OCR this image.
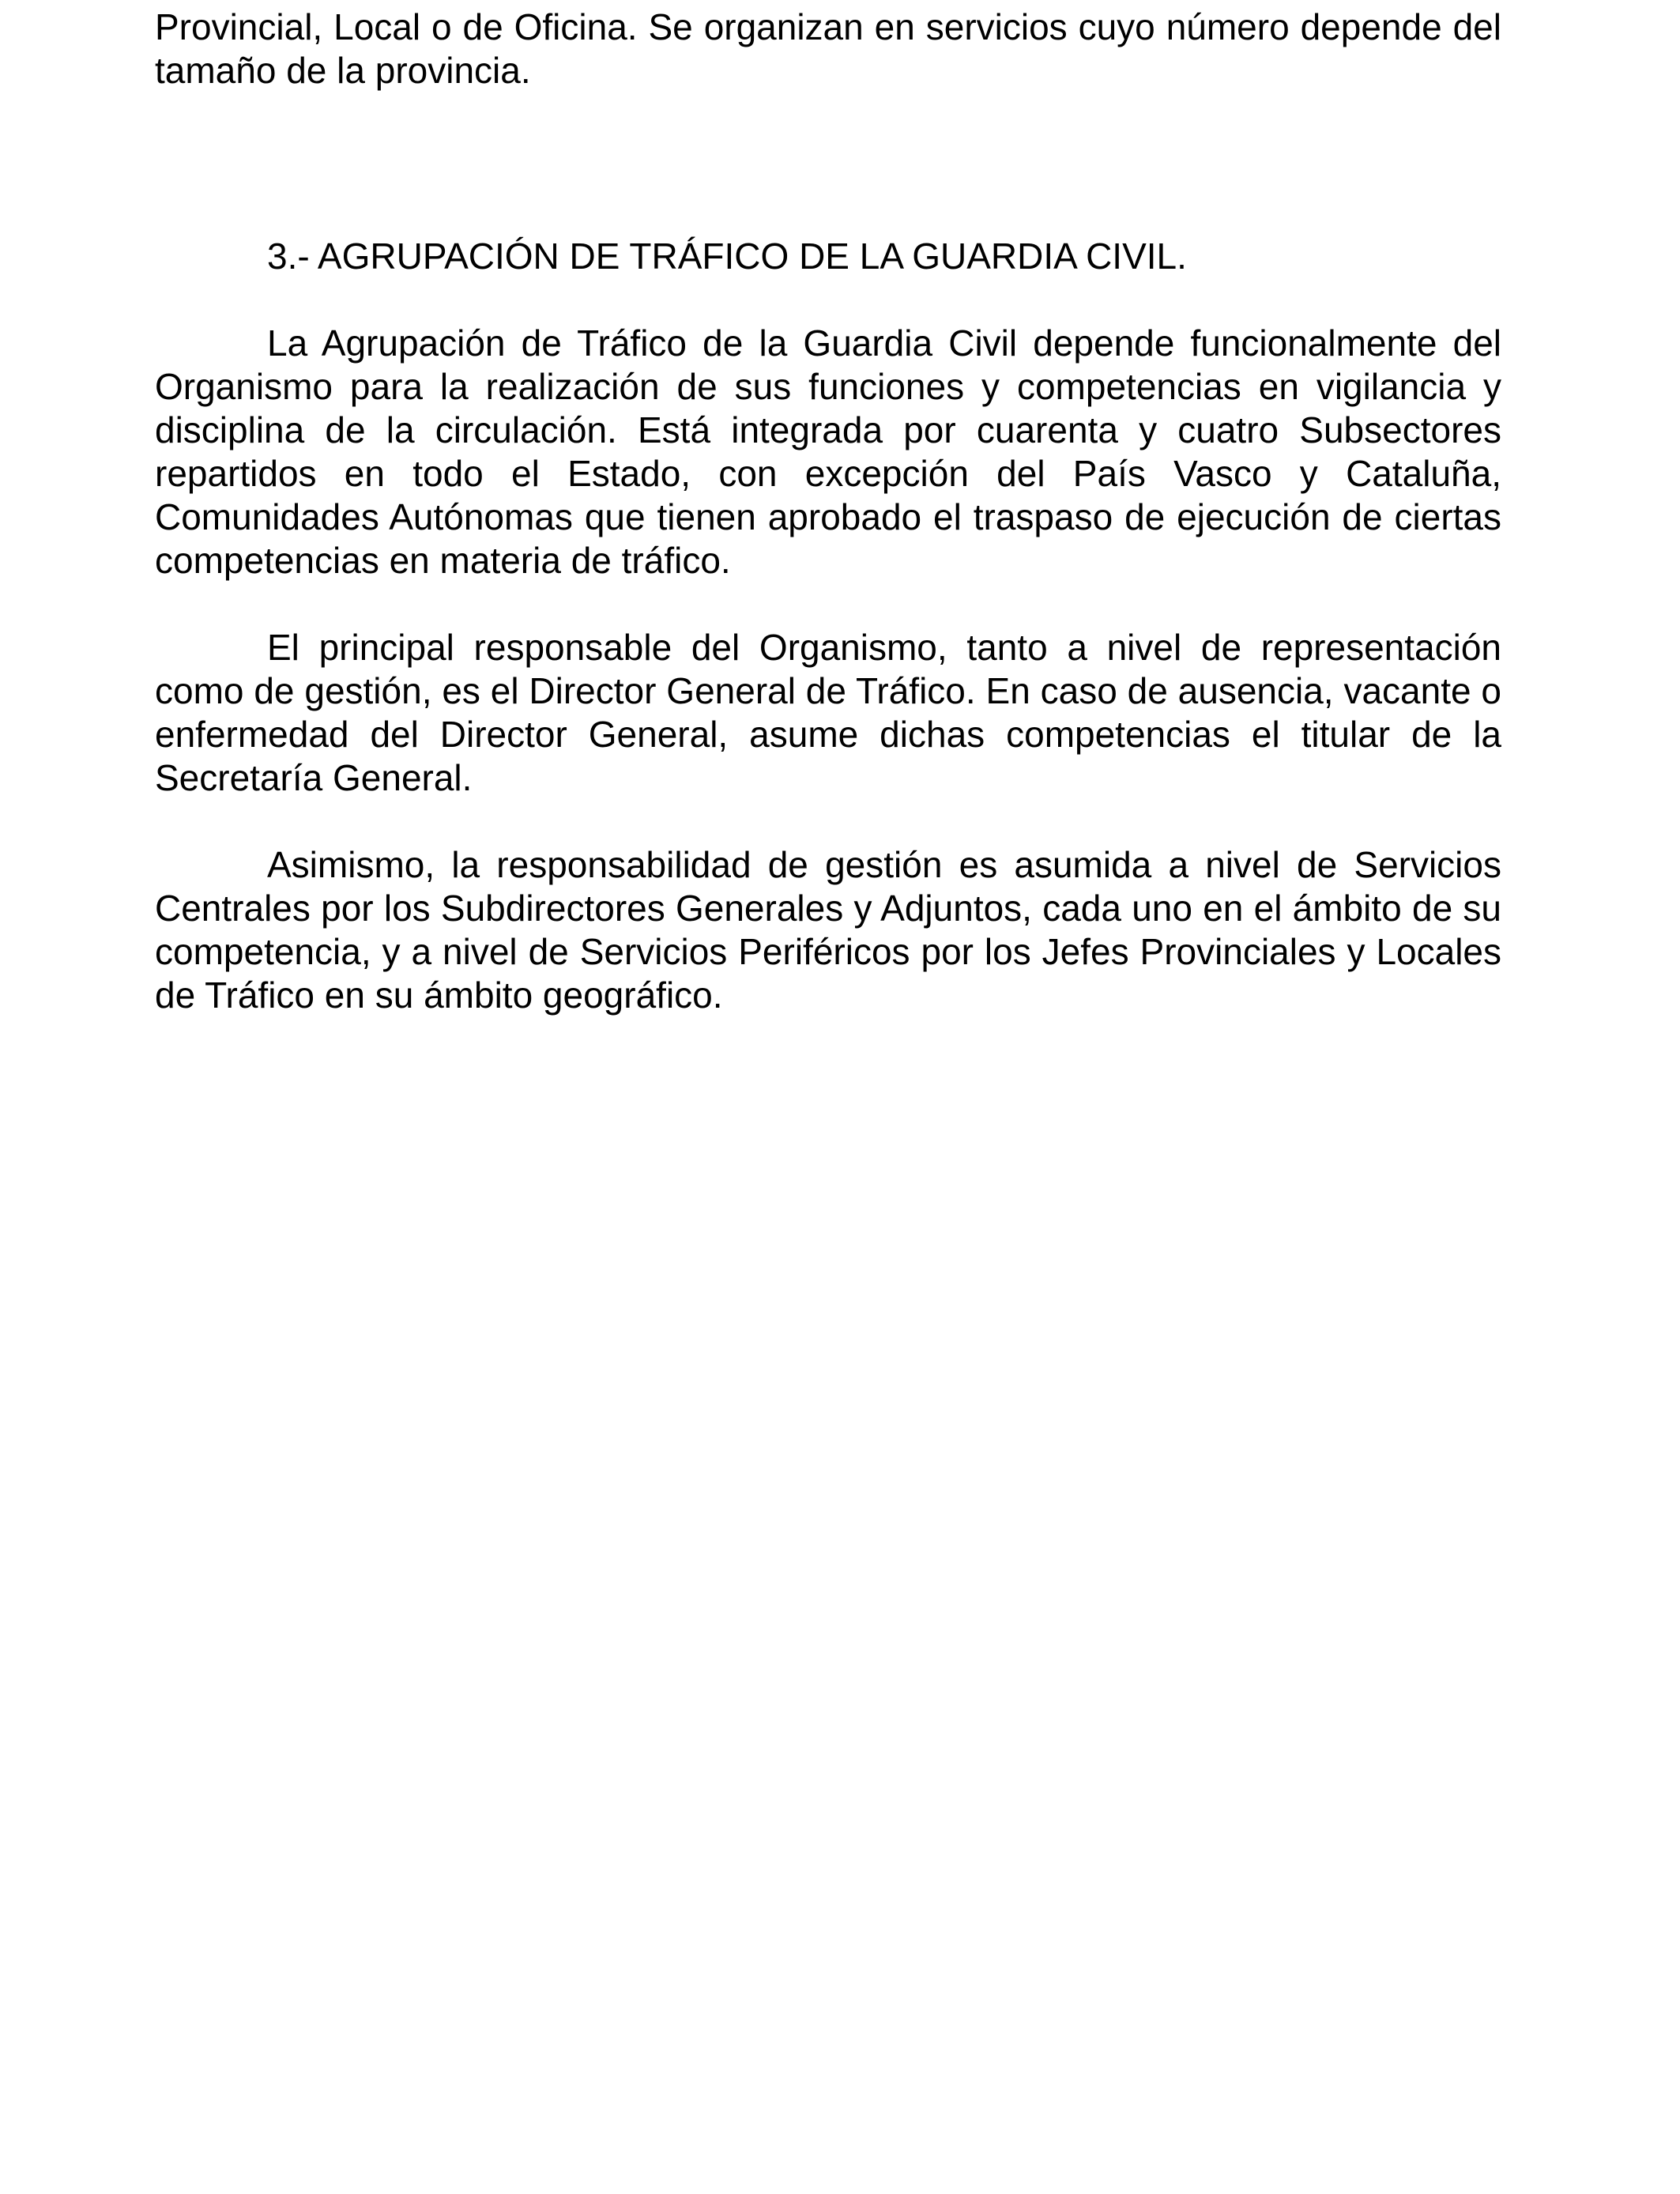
Provincial, Local o de Oficina. Se organizan en servicios cuyo número depende del tamaño de la provincia.

3.- AGRUPACIÓN DE TRÁFICO DE LA GUARDIA CIVIL.

La Agrupación de Tráfico de la Guardia Civil depende funcionalmente del Organismo para la realización de sus funciones y competencias en vigilancia y disciplina de la circulación. Está integrada por cuarenta y cuatro Subsectores repartidos en todo el Estado, con excepción del País Vasco y Cataluña, Comunidades Autónomas que tienen aprobado el traspaso de ejecución de ciertas competencias en materia de tráfico.

El principal responsable del Organismo, tanto a nivel de representación como de gestión, es el Director General de Tráfico. En caso de ausencia, vacante o enfermedad del Director General, asume dichas competencias el titular de la Secretaría General.

Asimismo, la responsabilidad de gestión es asumida a nivel de Servicios Centrales por los Subdirectores Generales y Adjuntos, cada uno en el ámbito de su competencia, y a nivel de Servicios Periféricos por los Jefes Provinciales y Locales de Tráfico en su ámbito geográfico.
